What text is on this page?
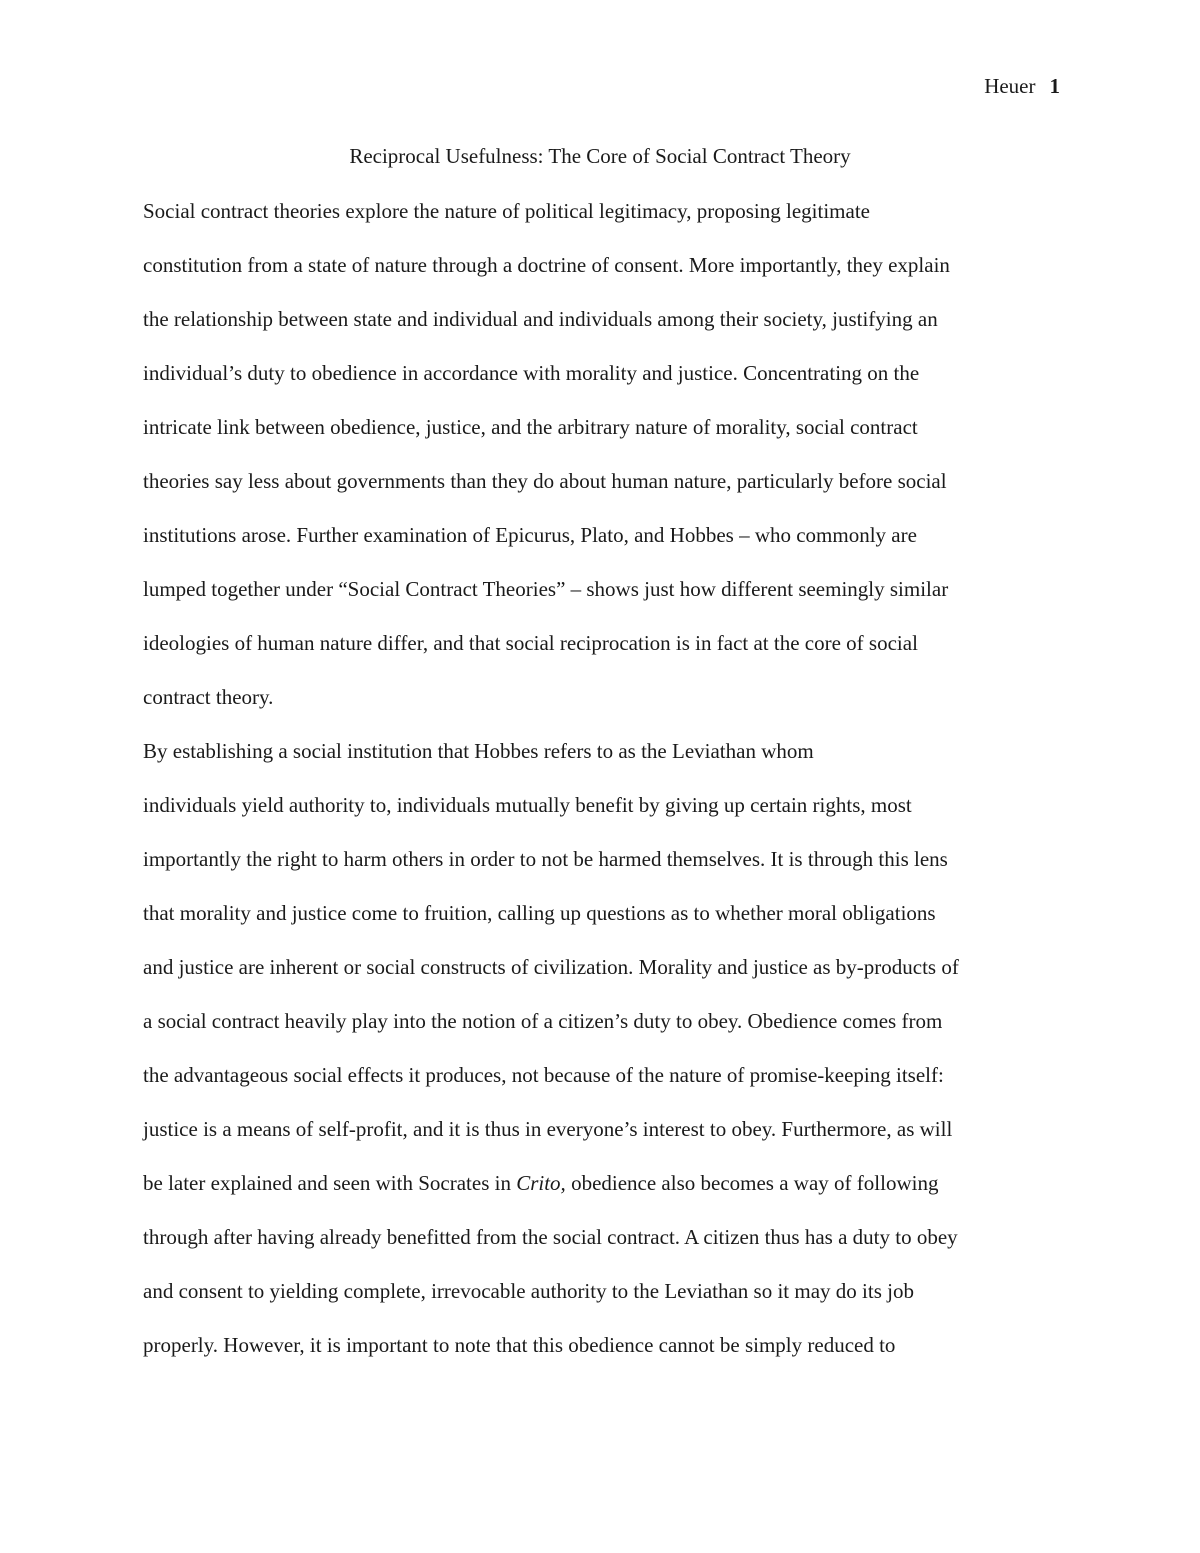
Heuer 1
Reciprocal Usefulness: The Core of Social Contract Theory

Social contract theories explore the nature of political legitimacy, proposing legitimate
constitution from a state of nature through a doctrine of consent. More importantly, they explain
the relationship between state and individual and individuals among their society, justifying an
individual’s duty to obedience in accordance with morality and justice. Concentrating on the
intricate link between obedience, justice, and the arbitrary nature of morality, social contract
theories say less about governments than they do about human nature, particularly before social
institutions arose. Further examination of Epicurus, Plato, and Hobbes – who commonly are
lumped together under “Social Contract Theories” – shows just how different seemingly similar
ideologies of human nature differ, and that social reciprocation is in fact at the core of social
contract theory.

By establishing a social institution that Hobbes refers to as the Leviathan whom
individuals yield authority to, individuals mutually benefit by giving up certain rights, most
importantly the right to harm others in order to not be harmed themselves. It is through this lens
that morality and justice come to fruition, calling up questions as to whether moral obligations
and justice are inherent or social constructs of civilization. Morality and justice as by-products of
a social contract heavily play into the notion of a citizen’s duty to obey. Obedience comes from
the advantageous social effects it produces, not because of the nature of promise-keeping itself:
justice is a means of self-profit, and it is thus in everyone’s interest to obey. Furthermore, as will
be later explained and seen with Socrates in Crito, obedience also becomes a way of following
through after having already benefitted from the social contract. A citizen thus has a duty to obey
and consent to yielding complete, irrevocable authority to the Leviathan so it may do its job
properly. However, it is important to note that this obedience cannot be simply reduced to
